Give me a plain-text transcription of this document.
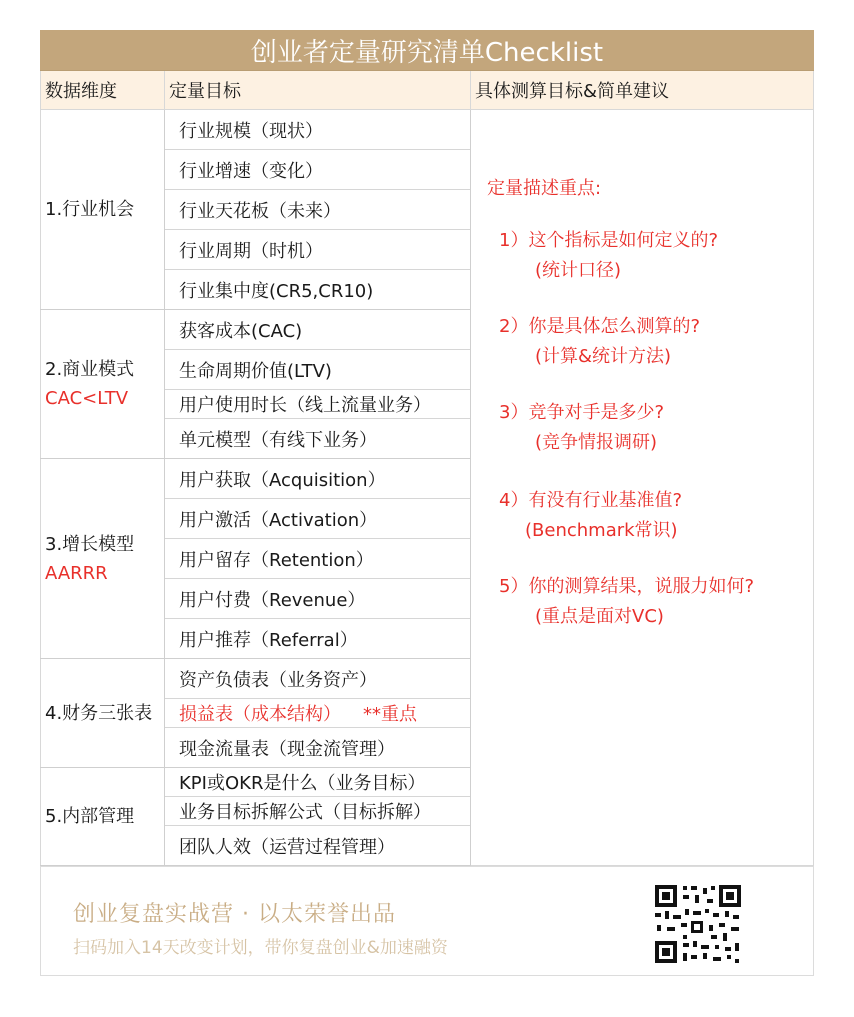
创业者定量研究清单Checklist
数据维度	定量目标	具体测算目标&简单建议
1.行业机会
行业规模（现状）
行业增速（变化）
行业天花板（未来）
行业周期（时机）
行业集中度(CR5,CR10)
2.商业模式
CAC<LTV
获客成本(CAC)
生命周期价值(LTV)
用户使用时长（线上流量业务）
单元模型（有线下业务）
3.增长模型
AARRR
用户获取（Acquisition）
用户激活（Activation）
用户留存（Retention）
用户付费（Revenue）
用户推荐（Referral）
4.财务三张表
资产负债表（业务资产）
损益表（成本结构） **重点
现金流量表（现金流管理）
5.内部管理
KPI或OKR是什么（业务目标）
业务目标拆解公式（目标拆解）
团队人效（运营过程管理）
定量描述重点:
1）这个指标是如何定义的?
(统计口径)
2）你是具体怎么测算的?
(计算&统计方法)
3）竞争对手是多少?
(竞争情报调研)
4）有没有行业基准值?
(Benchmark常识)
5）你的测算结果，说服力如何?
(重点是面对VC)
创业复盘实战营 · 以太荣誉出品
扫码加入14天改变计划，带你复盘创业&加速融资
